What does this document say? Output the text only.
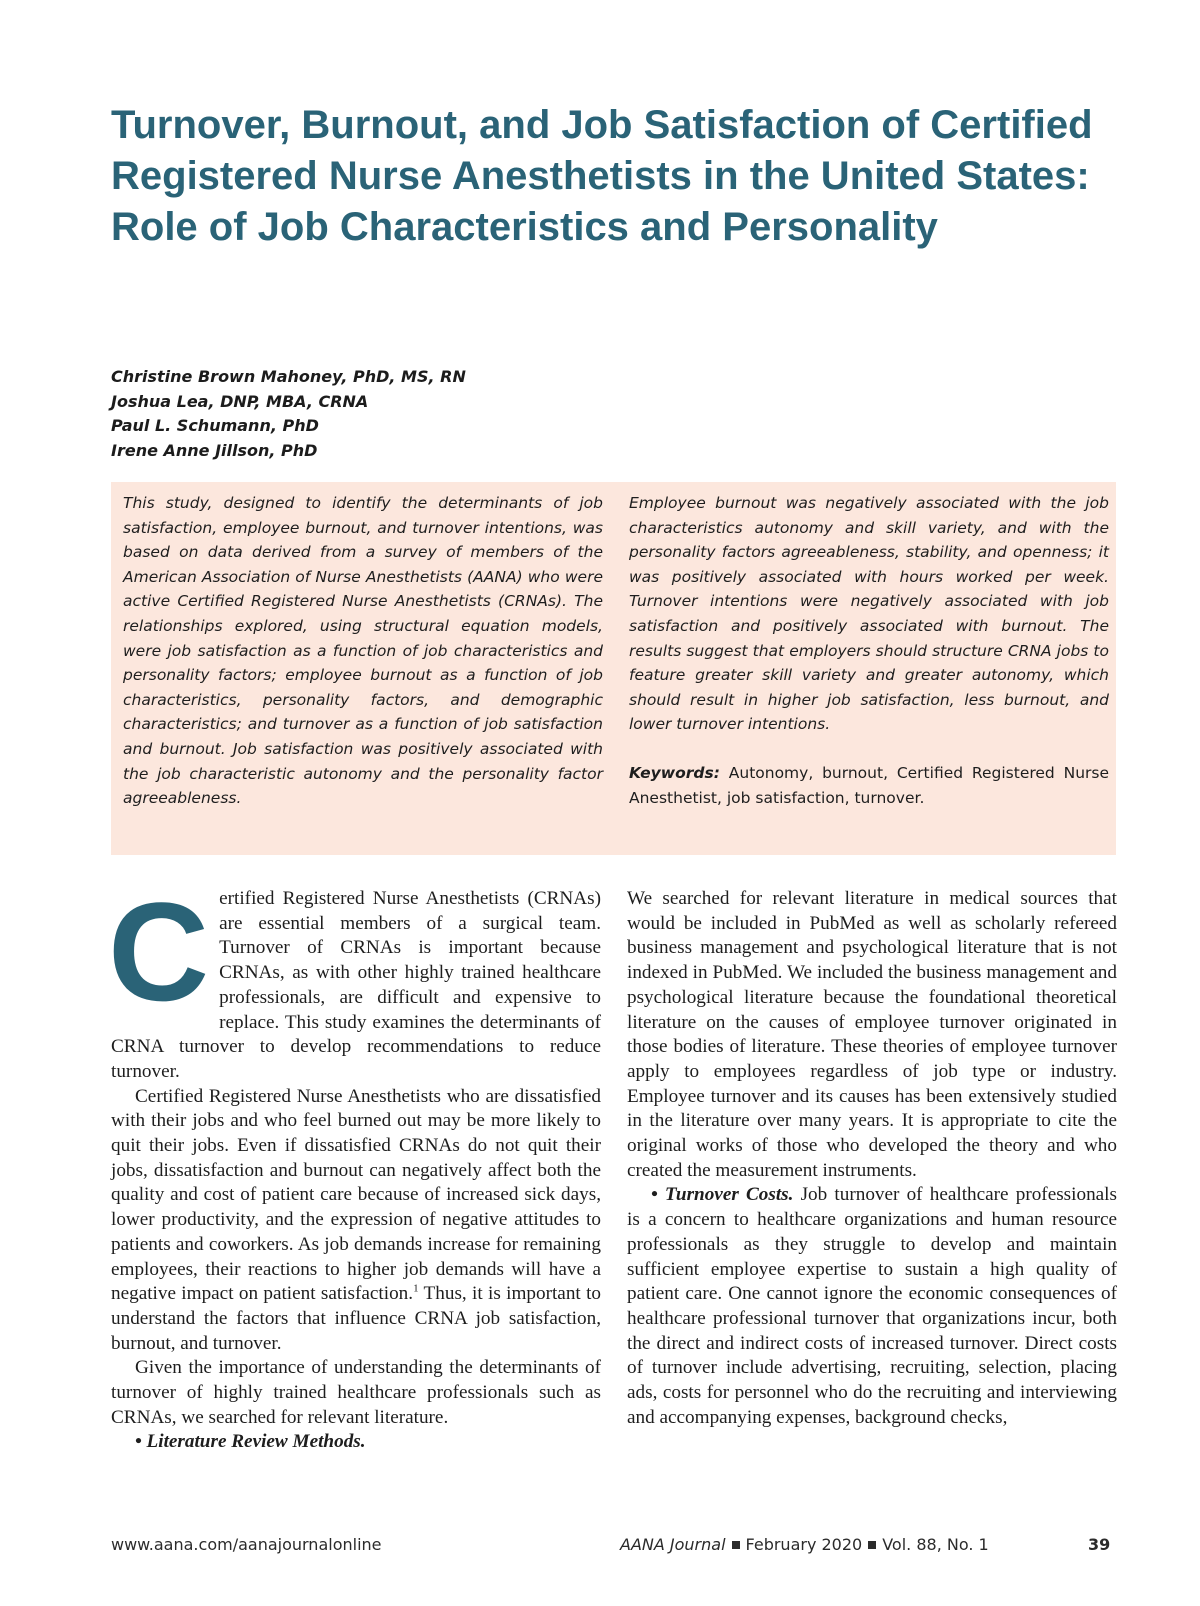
Turnover, Burnout, and Job Satisfaction of Certified Registered Nurse Anesthetists in the United States: Role of Job Characteristics and Personality
Christine Brown Mahoney, PhD, MS, RN
Joshua Lea, DNP, MBA, CRNA
Paul L. Schumann, PhD
Irene Anne Jillson, PhD

This study, designed to identify the determinants of job satisfaction, employee burnout, and turnover intentions, was based on data derived from a survey of members of the American Association of Nurse Anesthetists (AANA) who were active Certified Registered Nurse Anesthetists (CRNAs). The relationships explored, using structural equation models, were job satisfaction as a function of job characteristics and personality factors; employee burnout as a function of job characteristics, personality factors, and demographic characteristics; and turnover as a function of job satisfaction and burnout. Job satisfaction was positively associated with the job characteristic autonomy and the personality factor agreeableness.

Employee burnout was negatively associated with the job characteristics autonomy and skill variety, and with the personality factors agreeableness, stability, and openness; it was positively associated with hours worked per week. Turnover intentions were negatively associated with job satisfaction and positively associated with burnout. The results suggest that employers should structure CRNA jobs to feature greater skill variety and greater autonomy, which should result in higher job satisfaction, less burnout, and lower turnover intentions.

Keywords: Autonomy, burnout, Certified Registered Nurse Anesthetist, job satisfaction, turnover.

Certified Registered Nurse Anesthetists (CRNAs) are essential members of a surgical team. Turnover of CRNAs is important because CRNAs, as with other highly trained healthcare professionals, are difficult and expensive to replace. This study examines the determinants of CRNA turnover to develop recommendations to reduce turnover.

Certified Registered Nurse Anesthetists who are dissatisfied with their jobs and who feel burned out may be more likely to quit their jobs. Even if dissatisfied CRNAs do not quit their jobs, dissatisfaction and burnout can negatively affect both the quality and cost of patient care because of increased sick days, lower productivity, and the expression of negative attitudes to patients and coworkers. As job demands increase for remaining employees, their reactions to higher job demands will have a negative impact on patient satisfaction.$^1$ Thus, it is important to understand the factors that influence CRNA job satisfaction, burnout, and turnover.

Given the importance of understanding the determinants of turnover of highly trained healthcare professionals such as CRNAs, we searched for relevant literature.

• Literature Review Methods.

We searched for relevant literature in medical sources that would be included in PubMed as well as scholarly refereed business management and psychological literature that is not indexed in PubMed. We included the business management and psychological literature because the foundational theoretical literature on the causes of employee turnover originated in those bodies of literature. These theories of employee turnover apply to employees regardless of job type or industry. Employee turnover and its causes has been extensively studied in the literature over many years. It is appropriate to cite the original works of those who developed the theory and who created the measurement instruments.

• Turnover Costs. Job turnover of healthcare professionals is a concern to healthcare organizations and human resource professionals as they struggle to develop and maintain sufficient employee expertise to sustain a high quality of patient care. One cannot ignore the economic consequences of healthcare professional turnover that organizations incur, both the direct and indirect costs of increased turnover. Direct costs of turnover include advertising, recruiting, selection, placing ads, costs for personnel who do the recruiting and interviewing and accompanying expenses, background checks,

www.aana.com/aanajournalonline	AANA Journal February 2020 Vol. 88, No. 1	39
